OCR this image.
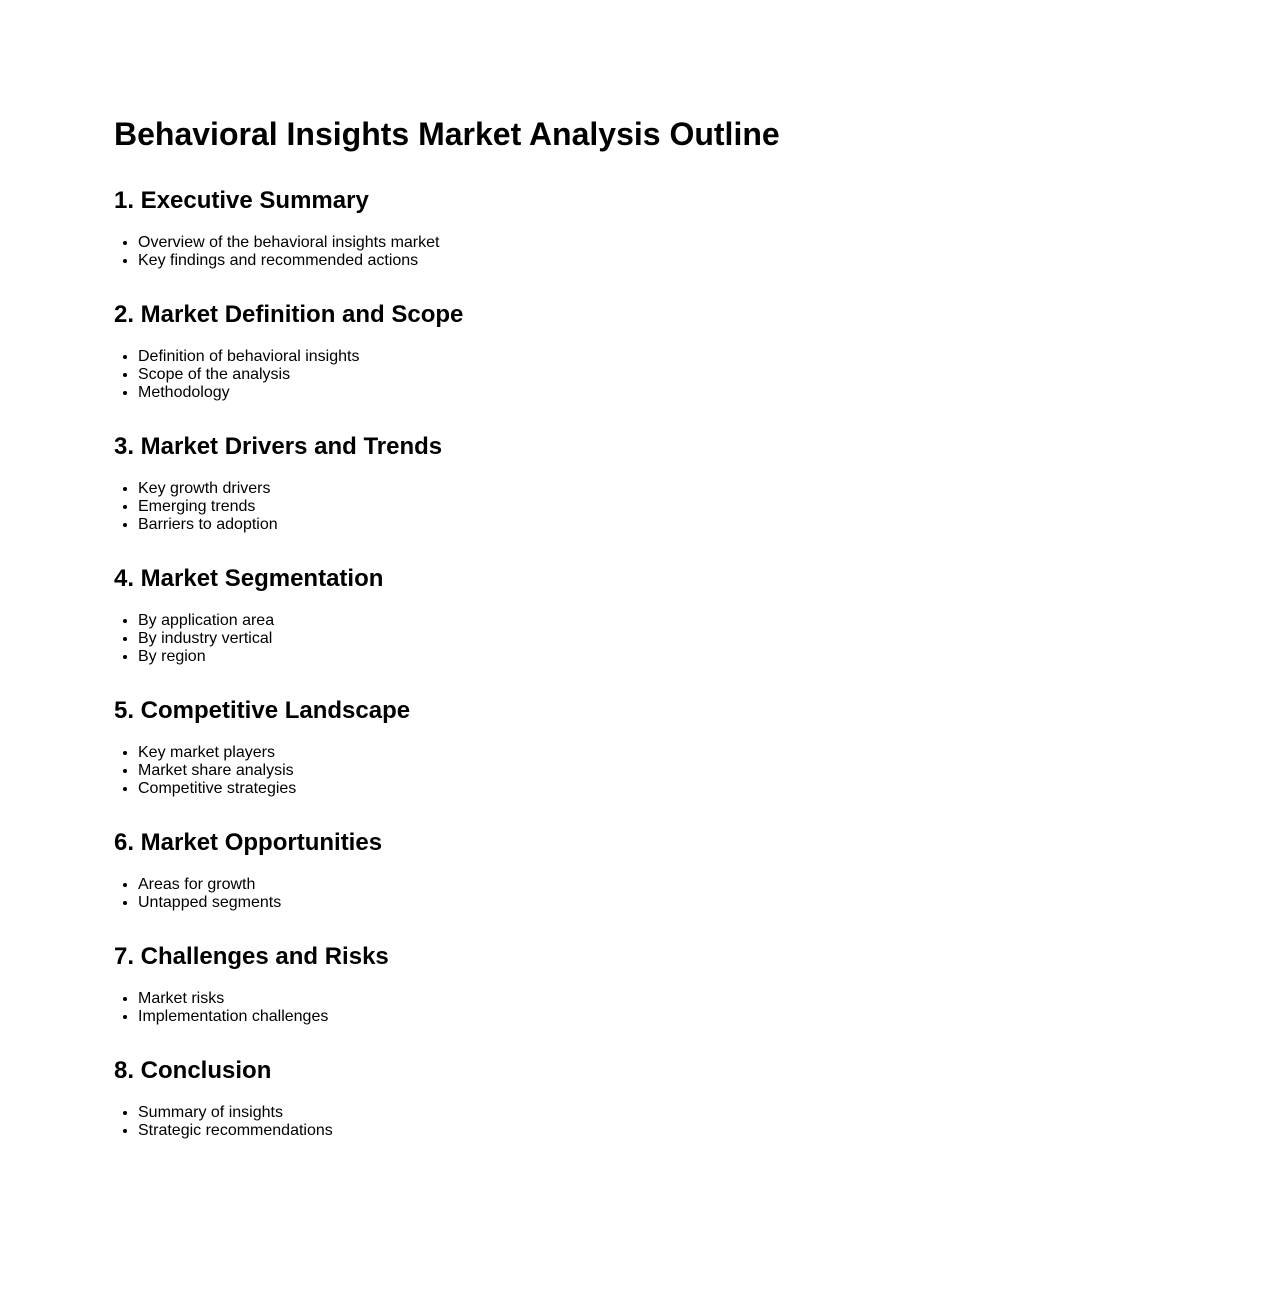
Behavioral Insights Market Analysis Outline
1. Executive Summary
• Overview of the behavioral insights market
• Key findings and recommended actions
2. Market Definition and Scope
• Definition of behavioral insights
• Scope of the analysis
• Methodology
3. Market Drivers and Trends
• Key growth drivers
• Emerging trends
• Barriers to adoption
4. Market Segmentation
• By application area
• By industry vertical
• By region
5. Competitive Landscape
• Key market players
• Market share analysis
• Competitive strategies
6. Market Opportunities
• Areas for growth
• Untapped segments
7. Challenges and Risks
• Market risks
• Implementation challenges
8. Conclusion
• Summary of insights
• Strategic recommendations
